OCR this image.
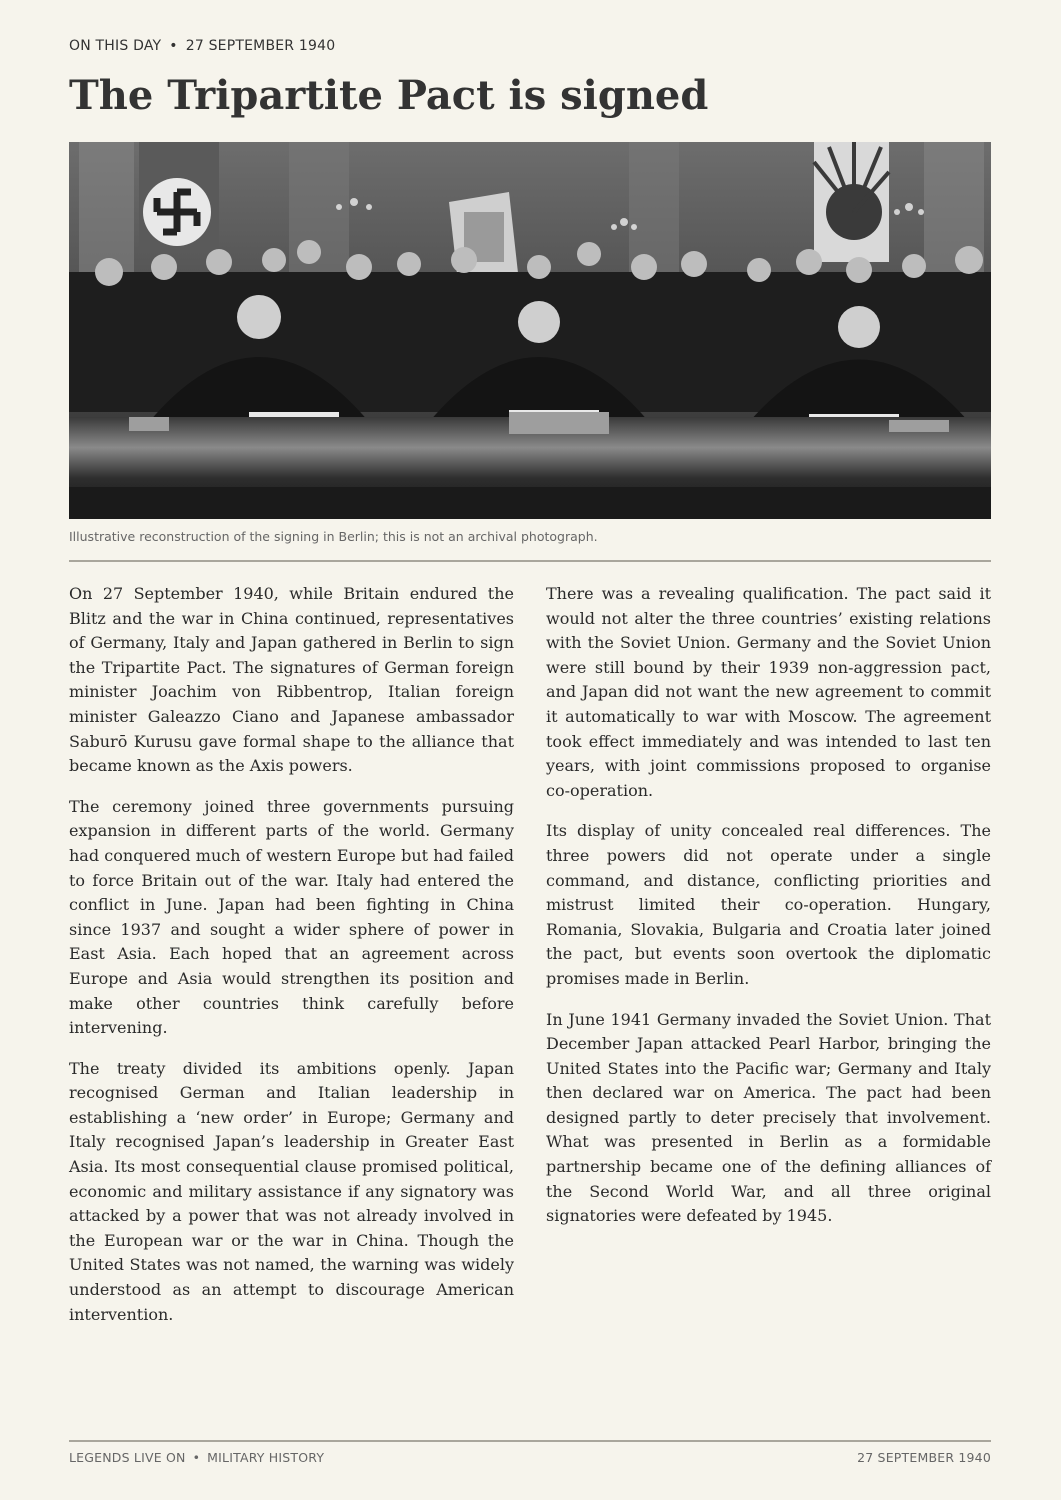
ON THIS DAY • 27 SEPTEMBER 1940
The Tripartite Pact is signed
Illustrative reconstruction of the signing in Berlin; this is not an archival photograph.

On 27 September 1940, while Britain endured the Blitz and the war in China continued, representatives of Germany, Italy and Japan gathered in Berlin to sign the Tripartite Pact. The signatures of German foreign minister Joachim von Ribbentrop, Italian foreign minister Galeazzo Ciano and Japanese ambassador Saburō Kurusu gave formal shape to the alliance that became known as the Axis powers.

The ceremony joined three governments pursuing expansion in different parts of the world. Germany had conquered much of western Europe but had failed to force Britain out of the war. Italy had entered the conflict in June. Japan had been fighting in China since 1937 and sought a wider sphere of power in East Asia. Each hoped that an agreement across Europe and Asia would strengthen its position and make other countries think carefully before intervening.

The treaty divided its ambitions openly. Japan recognised German and Italian leadership in establishing a ‘new order’ in Europe; Germany and Italy recognised Japan’s leadership in Greater East Asia. Its most consequential clause promised political, economic and military assistance if any signatory was attacked by a power that was not already involved in the European war or the war in China. Though the United States was not named, the warning was widely understood as an attempt to discourage American intervention.

There was a revealing qualification. The pact said it would not alter the three countries’ existing relations with the Soviet Union. Germany and the Soviet Union were still bound by their 1939 non-aggression pact, and Japan did not want the new agreement to commit it automatically to war with Moscow. The agreement took effect immediately and was intended to last ten years, with joint commissions proposed to organise co-operation.

Its display of unity concealed real differences. The three powers did not operate under a single command, and distance, conflicting priorities and mistrust limited their co-operation. Hungary, Romania, Slovakia, Bulgaria and Croatia later joined the pact, but events soon overtook the diplomatic promises made in Berlin.

In June 1941 Germany invaded the Soviet Union. That December Japan attacked Pearl Harbor, bringing the United States into the Pacific war; Germany and Italy then declared war on America. The pact had been designed partly to deter precisely that involvement. What was presented in Berlin as a formidable partnership became one of the defining alliances of the Second World War, and all three original signatories were defeated by 1945.

LEGENDS LIVE ON • MILITARY HISTORY	27 SEPTEMBER 1940
